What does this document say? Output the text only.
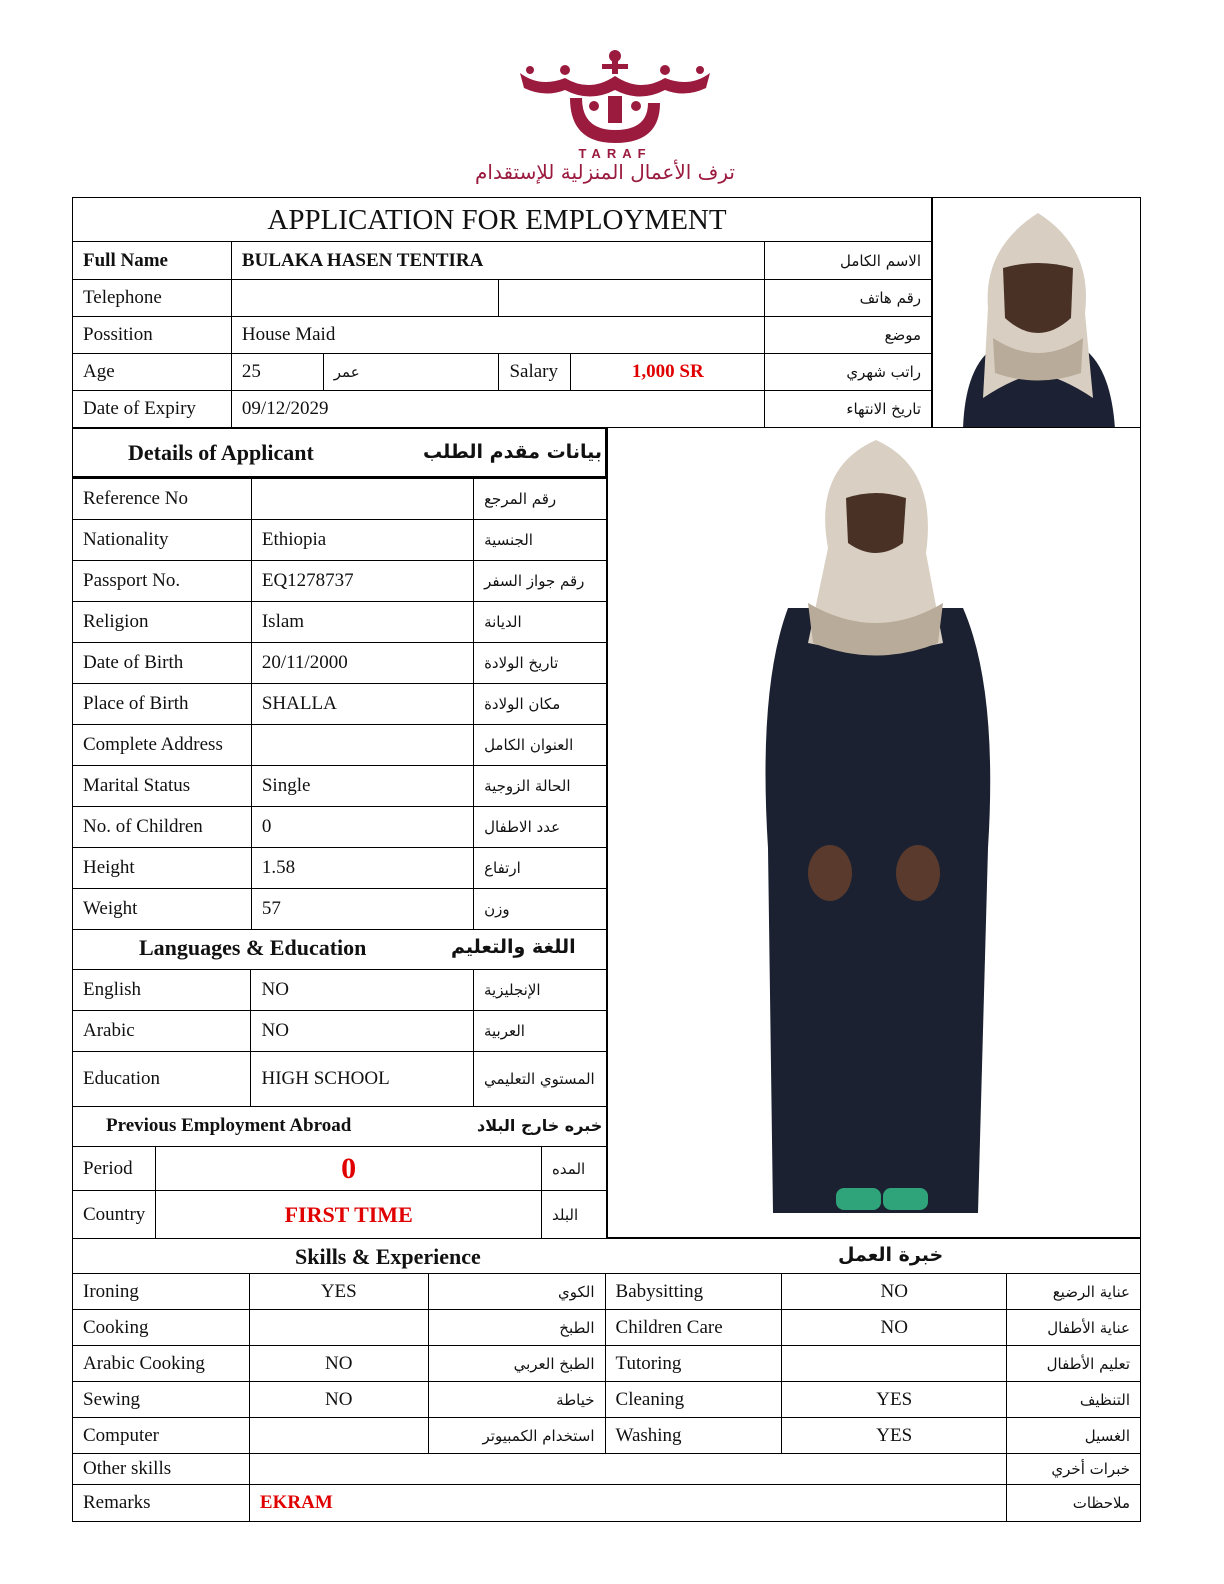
TARAF
ترف الأعمال المنزلية للإستقدام
APPLICATION FOR EMPLOYMENT
Full Name	BULAKA HASEN TENTIRA				الاسم الكامل
Telephone					رقم هاتف
Possition	House Maid				موضع
Age	25	عمر	Salary	1,000 SR	راتب شهري
Date of Expiry	09/12/2029				تاريخ الانتهاء
Details of Applicant	بيانات مقدم الطلب
Reference No		رقم المرجع
Nationality	Ethiopia	الجنسية
Passport No.	EQ1278737	رقم جواز السفر
Religion	Islam	الديانة
Date of Birth	20/11/2000	تاريخ الولادة
Place of Birth	SHALLA	مكان الولادة
Complete Address		العنوان الكامل
Marital Status	Single	الحالة الزوجية
No. of Children	0	عدد الاطفال
Height	1.58	ارتفاع
Weight	57	وزن
Languages & Education	اللغة والتعليم
English	NO	الإنجليزية
Arabic	NO	العربية
Education	HIGH SCHOOL	المستوي التعليمي
Previous Employment Abroad	خبره خارج البلاد
Period	0	المده
Country	FIRST TIME	البلد
Skills & Experience	خبرة العمل
Ironing	YES	الكوي	Babysitting	NO	عناية الرضيع
Cooking		الطبخ	Children Care	NO	عناية الأطفال
Arabic Cooking	NO	الطبخ العربي	Tutoring		تعليم الأطفال
Sewing	NO	خياطة	Cleaning	YES	التنظيف
Computer		استخدام الكمبيوتر	Washing	YES	الغسيل
Other skills					خبرات أخري
Remarks	EKRAM				ملاحظات
